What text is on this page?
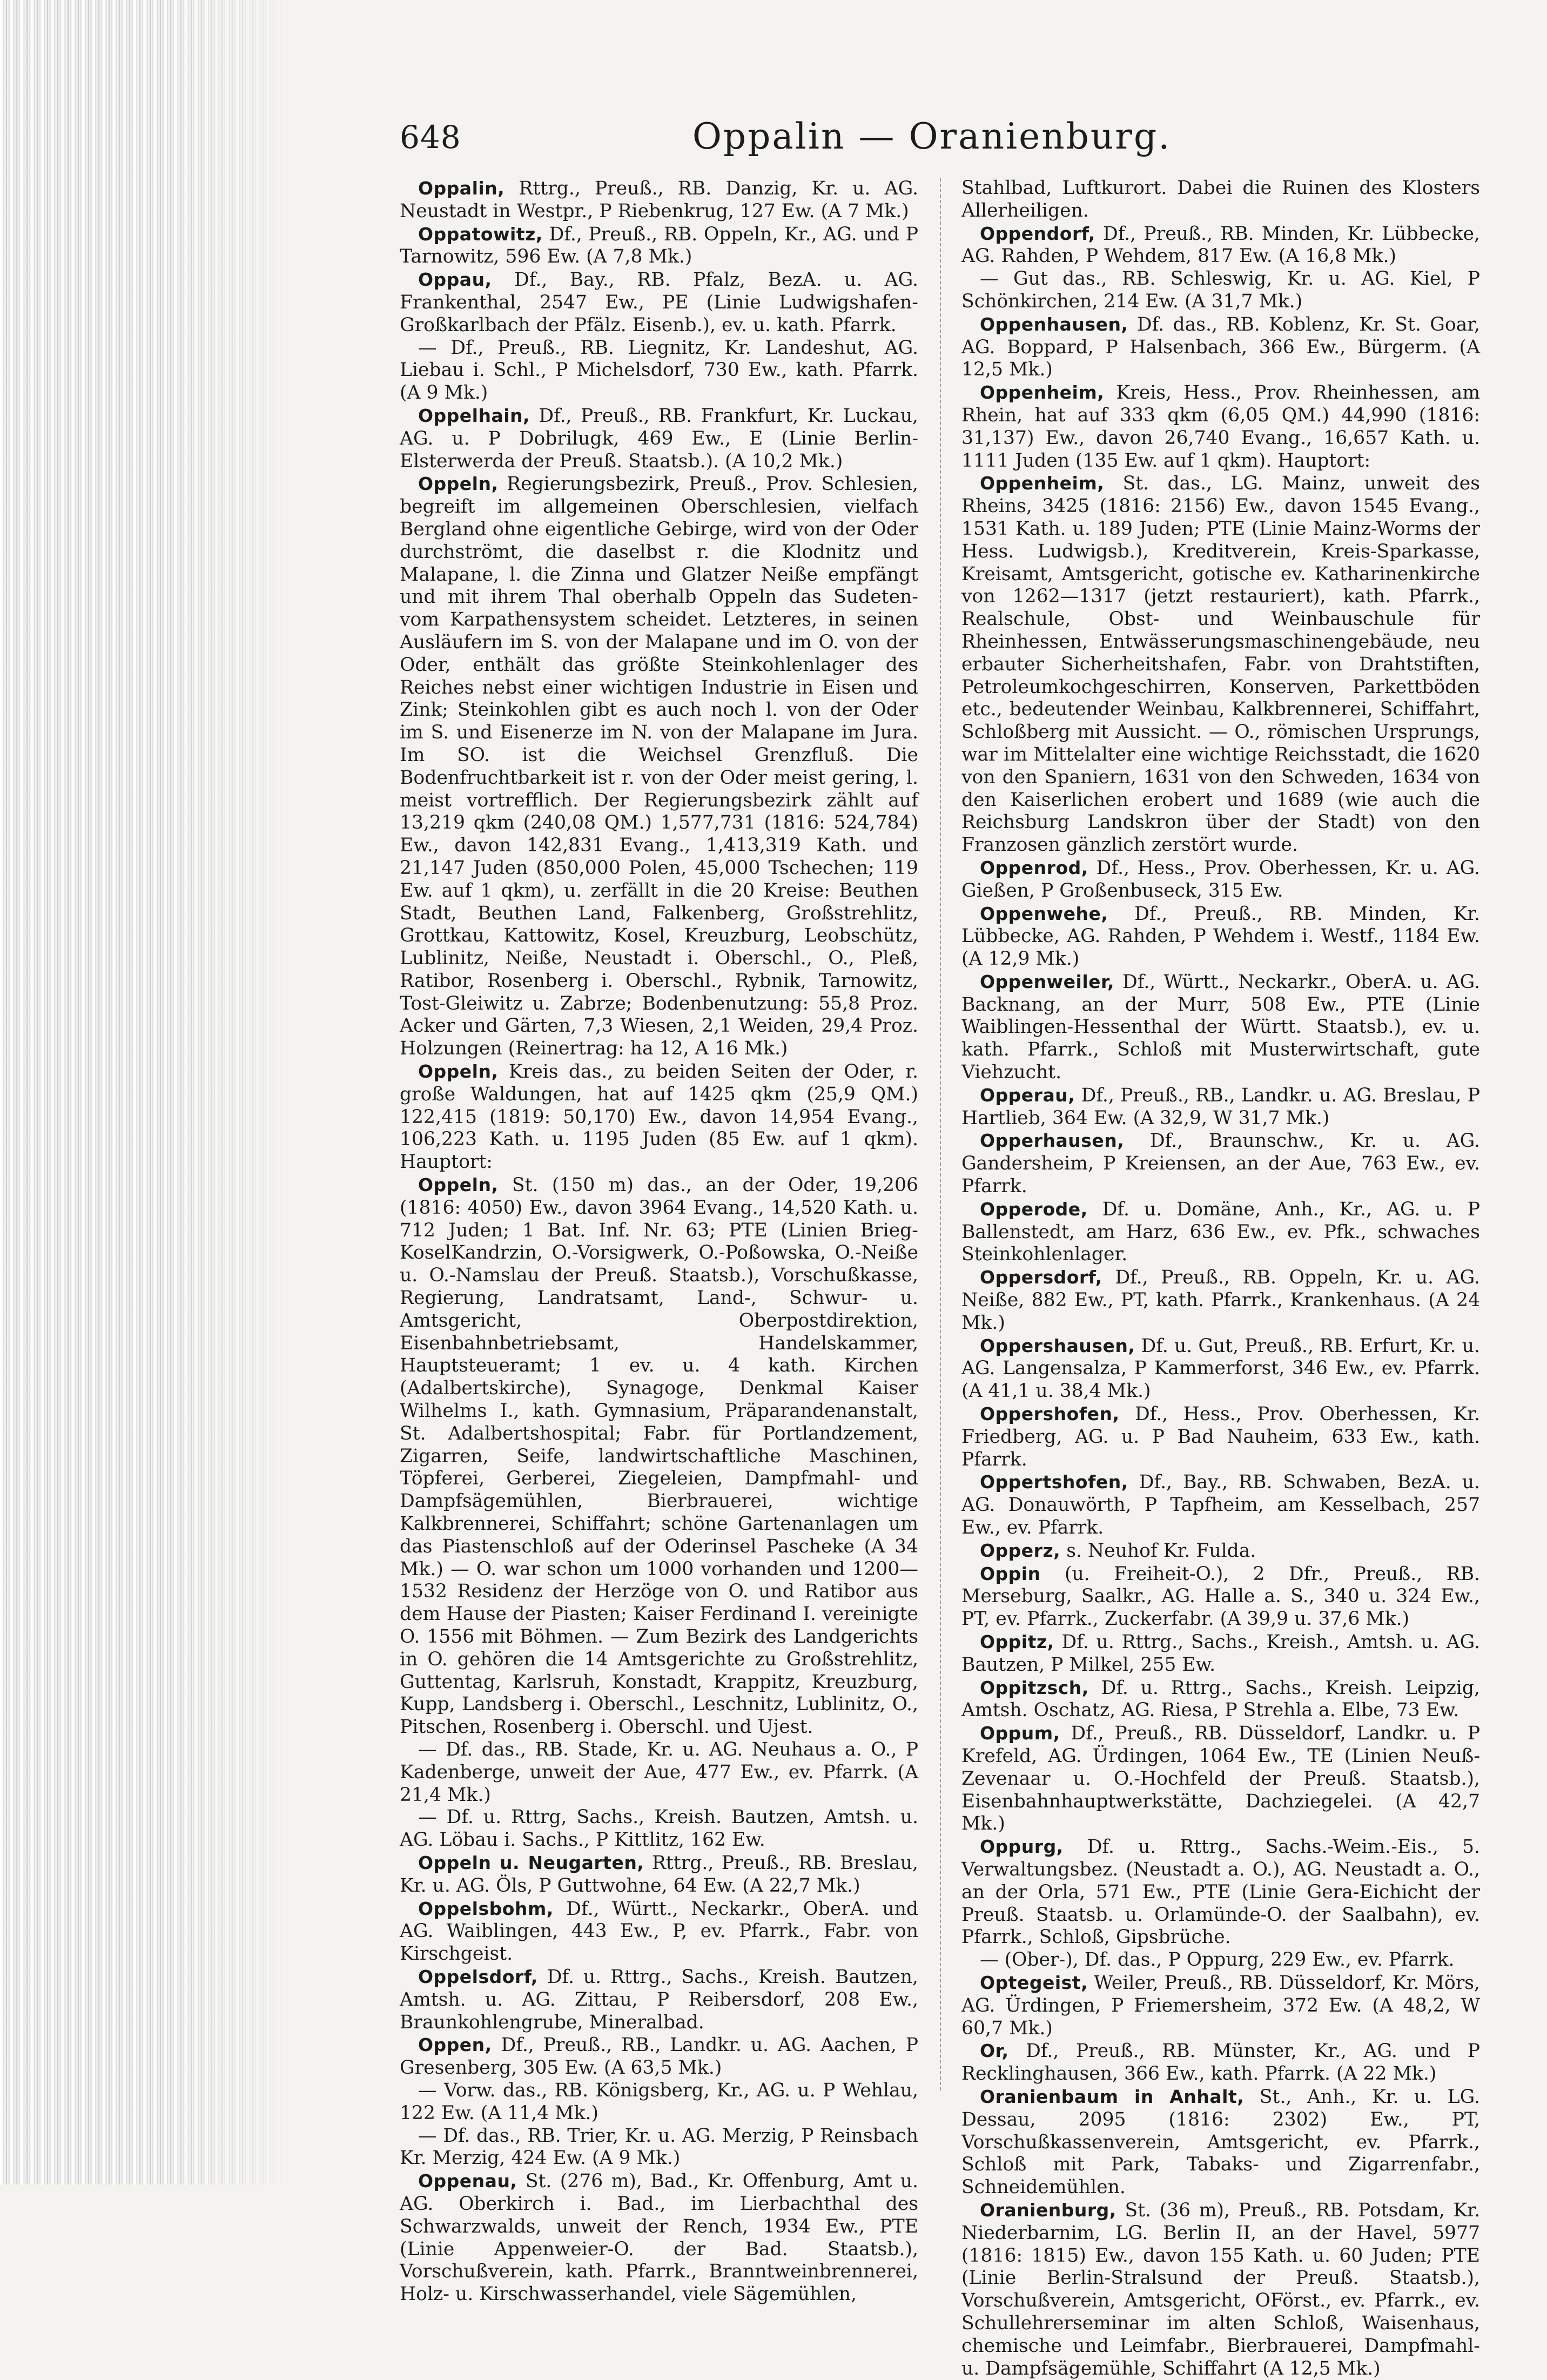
648	Oppalin — Oranienburg.

Oppalin, Rttrg., Preuß., RB. Danzig, Kr. u. AG. Neustadt in Westpr., P Riebenkrug, 127 Ew. (A 7 Mk.)

Oppatowitz, Df., Preuß., RB. Oppeln, Kr., AG. und P Tarnowitz, 596 Ew. (A 7,8 Mk.)

Oppau, Df., Bay., RB. Pfalz, BezA. u. AG. Frankenthal, 2547 Ew., PE (Linie Ludwigshafen-Großkarlbach der Pfälz. Eisenb.), ev. u. kath. Pfarrk.

— Df., Preuß., RB. Liegnitz, Kr. Landeshut, AG. Liebau i. Schl., P Michelsdorf, 730 Ew., kath. Pfarrk. (A 9 Mk.)

Oppelhain, Df., Preuß., RB. Frankfurt, Kr. Luckau, AG. u. P Dobrilugk, 469 Ew., E (Linie Berlin-Elsterwerda der Preuß. Staatsb.). (A 10,2 Mk.)

Oppeln, Regierungsbezirk, Preuß., Prov. Schlesien, begreift im allgemeinen Oberschlesien, vielfach Bergland ohne eigentliche Gebirge, wird von der Oder durchströmt, die daselbst r. die Klodnitz und Malapane, l. die Zinna und Glatzer Neiße empfängt und mit ihrem Thal oberhalb Oppeln das Sudeten- vom Karpathensystem scheidet. Letzteres, in seinen Ausläufern im S. von der Malapane und im O. von der Oder, enthält das größte Steinkohlenlager des Reiches nebst einer wichtigen Industrie in Eisen und Zink; Steinkohlen gibt es auch noch l. von der Oder im S. und Eisenerze im N. von der Malapane im Jura. Im SO. ist die Weichsel Grenzfluß. Die Bodenfruchtbarkeit ist r. von der Oder meist gering, l. meist vortrefflich. Der Regierungsbezirk zählt auf 13,219 qkm (240,08 QM.) 1,577,731 (1816: 524,784) Ew., davon 142,831 Evang., 1,413,319 Kath. und 21,147 Juden (850,000 Polen, 45,000 Tschechen; 119 Ew. auf 1 qkm), u. zerfällt in die 20 Kreise: Beuthen Stadt, Beuthen Land, Falkenberg, Großstrehlitz, Grottkau, Kattowitz, Kosel, Kreuzburg, Leobschütz, Lublinitz, Neiße, Neustadt i. Oberschl., O., Pleß, Ratibor, Rosenberg i. Oberschl., Rybnik, Tarnowitz, Tost-Gleiwitz u. Zabrze; Bodenbenutzung: 55,8 Proz. Acker und Gärten, 7,3 Wiesen, 2,1 Weiden, 29,4 Proz. Holzungen (Reinertrag: ha 12, A 16 Mk.)

Oppeln, Kreis das., zu beiden Seiten der Oder, r. große Waldungen, hat auf 1425 qkm (25,9 QM.) 122,415 (1819: 50,170) Ew., davon 14,954 Evang., 106,223 Kath. u. 1195 Juden (85 Ew. auf 1 qkm). Hauptort:

Oppeln, St. (150 m) das., an der Oder, 19,206 (1816: 4050) Ew., davon 3964 Evang., 14,520 Kath. u. 712 Juden; 1 Bat. Inf. Nr. 63; PTE (Linien Brieg-KoselKandrzin, O.-Vorsigwerk, O.-Poßowska, O.-Neiße u. O.-Namslau der Preuß. Staatsb.), Vorschußkasse, Regierung, Landratsamt, Land-, Schwur- u. Amtsgericht, Oberpostdirektion, Eisenbahnbetriebsamt, Handelskammer, Hauptsteueramt; 1 ev. u. 4 kath. Kirchen (Adalbertskirche), Synagoge, Denkmal Kaiser Wilhelms I., kath. Gymnasium, Präparandenanstalt, St. Adalbertshospital; Fabr. für Portlandzement, Zigarren, Seife, landwirtschaftliche Maschinen, Töpferei, Gerberei, Ziegeleien, Dampfmahl- und Dampfsägemühlen, Bierbrauerei, wichtige Kalkbrennerei, Schiffahrt; schöne Gartenanlagen um das Piastenschloß auf der Oderinsel Pascheke (A 34 Mk.) — O. war schon um 1000 vorhanden und 1200—1532 Residenz der Herzöge von O. und Ratibor aus dem Hause der Piasten; Kaiser Ferdinand I. vereinigte O. 1556 mit Böhmen. — Zum Bezirk des Landgerichts in O. gehören die 14 Amtsgerichte zu Großstrehlitz, Guttentag, Karlsruh, Konstadt, Krappitz, Kreuzburg, Kupp, Landsberg i. Oberschl., Leschnitz, Lublinitz, O., Pitschen, Rosenberg i. Oberschl. und Ujest.

— Df. das., RB. Stade, Kr. u. AG. Neuhaus a. O., P Kadenberge, unweit der Aue, 477 Ew., ev. Pfarrk. (A 21,4 Mk.)

— Df. u. Rttrg, Sachs., Kreish. Bautzen, Amtsh. u. AG. Löbau i. Sachs., P Kittlitz, 162 Ew.

Oppeln u. Neugarten, Rttrg., Preuß., RB. Breslau, Kr. u. AG. Öls, P Guttwohne, 64 Ew. (A 22,7 Mk.)

Oppelsbohm, Df., Württ., Neckarkr., OberA. und AG. Waiblingen, 443 Ew., P, ev. Pfarrk., Fabr. von Kirschgeist.

Oppelsdorf, Df. u. Rttrg., Sachs., Kreish. Bautzen, Amtsh. u. AG. Zittau, P Reibersdorf, 208 Ew., Braunkohlengrube, Mineralbad.

Oppen, Df., Preuß., RB., Landkr. u. AG. Aachen, P Gresenberg, 305 Ew. (A 63,5 Mk.)

— Vorw. das., RB. Königsberg, Kr., AG. u. P Wehlau, 122 Ew. (A 11,4 Mk.)

— Df. das., RB. Trier, Kr. u. AG. Merzig, P Reinsbach Kr. Merzig, 424 Ew. (A 9 Mk.)

Oppenau, St. (276 m), Bad., Kr. Offenburg, Amt u. AG. Oberkirch i. Bad., im Lierbachthal des Schwarzwalds, unweit der Rench, 1934 Ew., PTE (Linie Appenweier-O. der Bad. Staatsb.), Vorschußverein, kath. Pfarrk., Branntweinbrennerei, Holz- u. Kirschwasserhandel, viele Sägemühlen,

Stahlbad, Luftkurort. Dabei die Ruinen des Klosters Allerheiligen.

Oppendorf, Df., Preuß., RB. Minden, Kr. Lübbecke, AG. Rahden, P Wehdem, 817 Ew. (A 16,8 Mk.)

— Gut das., RB. Schleswig, Kr. u. AG. Kiel, P Schönkirchen, 214 Ew. (A 31,7 Mk.)

Oppenhausen, Df. das., RB. Koblenz, Kr. St. Goar, AG. Boppard, P Halsenbach, 366 Ew., Bürgerm. (A 12,5 Mk.)

Oppenheim, Kreis, Hess., Prov. Rheinhessen, am Rhein, hat auf 333 qkm (6,05 QM.) 44,990 (1816: 31,137) Ew., davon 26,740 Evang., 16,657 Kath. u. 1111 Juden (135 Ew. auf 1 qkm). Hauptort:

Oppenheim, St. das., LG. Mainz, unweit des Rheins, 3425 (1816: 2156) Ew., davon 1545 Evang., 1531 Kath. u. 189 Juden; PTE (Linie Mainz-Worms der Hess. Ludwigsb.), Kreditverein, Kreis-Sparkasse, Kreisamt, Amtsgericht, gotische ev. Katharinenkirche von 1262—1317 (jetzt restauriert), kath. Pfarrk., Realschule, Obst- und Weinbauschule für Rheinhessen, Entwässerungsmaschinengebäude, neu erbauter Sicherheitshafen, Fabr. von Drahtstiften, Petroleumkochgeschirren, Konserven, Parkettböden etc., bedeutender Weinbau, Kalkbrennerei, Schiffahrt, Schloßberg mit Aussicht. — O., römischen Ursprungs, war im Mittelalter eine wichtige Reichsstadt, die 1620 von den Spaniern, 1631 von den Schweden, 1634 von den Kaiserlichen erobert und 1689 (wie auch die Reichsburg Landskron über der Stadt) von den Franzosen gänzlich zerstört wurde.

Oppenrod, Df., Hess., Prov. Oberhessen, Kr. u. AG. Gießen, P Großenbuseck, 315 Ew.

Oppenwehe, Df., Preuß., RB. Minden, Kr. Lübbecke, AG. Rahden, P Wehdem i. Westf., 1184 Ew. (A 12,9 Mk.)

Oppenweiler, Df., Württ., Neckarkr., OberA. u. AG. Backnang, an der Murr, 508 Ew., PTE (Linie Waiblingen-Hessenthal der Württ. Staatsb.), ev. u. kath. Pfarrk., Schloß mit Musterwirtschaft, gute Viehzucht.

Opperau, Df., Preuß., RB., Landkr. u. AG. Breslau, P Hartlieb, 364 Ew. (A 32,9, W 31,7 Mk.)

Opperhausen, Df., Braunschw., Kr. u. AG. Gandersheim, P Kreiensen, an der Aue, 763 Ew., ev. Pfarrk.

Opperode, Df. u. Domäne, Anh., Kr., AG. u. P Ballenstedt, am Harz, 636 Ew., ev. Pfk., schwaches Steinkohlenlager.

Oppersdorf, Df., Preuß., RB. Oppeln, Kr. u. AG. Neiße, 882 Ew., PT, kath. Pfarrk., Krankenhaus. (A 24 Mk.)

Oppershausen, Df. u. Gut, Preuß., RB. Erfurt, Kr. u. AG. Langensalza, P Kammerforst, 346 Ew., ev. Pfarrk. (A 41,1 u. 38,4 Mk.)

Oppershofen, Df., Hess., Prov. Oberhessen, Kr. Friedberg, AG. u. P Bad Nauheim, 633 Ew., kath. Pfarrk.

Oppertshofen, Df., Bay., RB. Schwaben, BezA. u. AG. Donauwörth, P Tapfheim, am Kesselbach, 257 Ew., ev. Pfarrk.

Opperz, s. Neuhof Kr. Fulda.

Oppin (u. Freiheit-O.), 2 Dfr., Preuß., RB. Merseburg, Saalkr., AG. Halle a. S., 340 u. 324 Ew., PT, ev. Pfarrk., Zuckerfabr. (A 39,9 u. 37,6 Mk.)

Oppitz, Df. u. Rttrg., Sachs., Kreish., Amtsh. u. AG. Bautzen, P Milkel, 255 Ew.

Oppitzsch, Df. u. Rttrg., Sachs., Kreish. Leipzig, Amtsh. Oschatz, AG. Riesa, P Strehla a. Elbe, 73 Ew.

Oppum, Df., Preuß., RB. Düsseldorf, Landkr. u. P Krefeld, AG. Ürdingen, 1064 Ew., TE (Linien Neuß-Zevenaar u. O.-Hochfeld der Preuß. Staatsb.), Eisenbahnhauptwerkstätte, Dachziegelei. (A 42,7 Mk.)

Oppurg, Df. u. Rttrg., Sachs.-Weim.-Eis., 5. Verwaltungsbez. (Neustadt a. O.), AG. Neustadt a. O., an der Orla, 571 Ew., PTE (Linie Gera-Eichicht der Preuß. Staatsb. u. Orlamünde-O. der Saalbahn), ev. Pfarrk., Schloß, Gipsbrüche.

— (Ober-), Df. das., P Oppurg, 229 Ew., ev. Pfarrk.

Optegeist, Weiler, Preuß., RB. Düsseldorf, Kr. Mörs, AG. Ürdingen, P Friemersheim, 372 Ew. (A 48,2, W 60,7 Mk.)

Or, Df., Preuß., RB. Münster, Kr., AG. und P Recklinghausen, 366 Ew., kath. Pfarrk. (A 22 Mk.)

Oranienbaum in Anhalt, St., Anh., Kr. u. LG. Dessau, 2095 (1816: 2302) Ew., PT, Vorschußkassenverein, Amtsgericht, ev. Pfarrk., Schloß mit Park, Tabaks- und Zigarrenfabr., Schneidemühlen.

Oranienburg, St. (36 m), Preuß., RB. Potsdam, Kr. Niederbarnim, LG. Berlin II, an der Havel, 5977 (1816: 1815) Ew., davon 155 Kath. u. 60 Juden; PTE (Linie Berlin-Stralsund der Preuß. Staatsb.), Vorschußverein, Amtsgericht, OFörst., ev. Pfarrk., ev. Schullehrerseminar im alten Schloß, Waisenhaus, chemische und Leimfabr., Bierbrauerei, Dampfmahl- u. Dampfsägemühle, Schiffahrt (A 12,5 Mk.)
